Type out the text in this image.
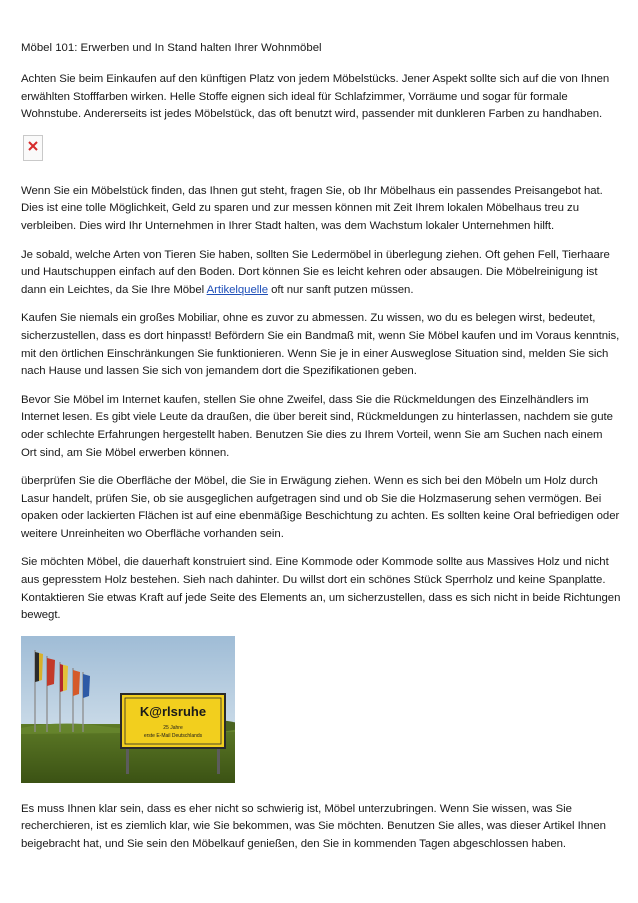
Möbel 101: Erwerben und In Stand halten Ihrer Wohnmöbel

Achten Sie beim Einkaufen auf den künftigen Platz von jedem Möbelstücks. Jener Aspekt sollte sich auf die von Ihnen erwählten Stofffarben wirken. Helle Stoffe eignen sich ideal für Schlafzimmer, Vorräume und sogar für formale Wohnstube. Andererseits ist jedes Möbelstück, das oft benutzt wird, passender mit dunkleren Farben zu handhaben.

Wenn Sie ein Möbelstück finden, das Ihnen gut steht, fragen Sie, ob Ihr Möbelhaus ein passendes Preisangebot hat. Dies ist eine tolle Möglichkeit, Geld zu sparen und zur messen können mit Zeit Ihrem lokalen Möbelhaus treu zu verbleiben. Dies wird Ihr Unternehmen in Ihrer Stadt halten, was dem Wachstum lokaler Unternehmen hilft.

Je sobald, welche Arten von Tieren Sie haben, sollten Sie Ledermöbel in überlegung ziehen. Oft gehen Fell, Tierhaare und Hautschuppen einfach auf den Boden. Dort können Sie es leicht kehren oder absaugen. Die Möbelreinigung ist dann ein Leichtes, da Sie Ihre Möbel Artikelquelle oft nur sanft putzen müssen.

Kaufen Sie niemals ein großes Mobiliar, ohne es zuvor zu abmessen. Zu wissen, wo du es belegen wirst, bedeutet, sicherzustellen, dass es dort hinpasst! Befördern Sie ein Bandmaß mit, wenn Sie Möbel kaufen und im Voraus kenntnis, mit den örtlichen Einschränkungen Sie funktionieren. Wenn Sie je in einer Ausweglose Situation sind, melden Sie sich nach Hause und lassen Sie sich von jemandem dort die Spezifikationen geben.

Bevor Sie Möbel im Internet kaufen, stellen Sie ohne Zweifel, dass Sie die Rückmeldungen des Einzelhändlers im Internet lesen. Es gibt viele Leute da draußen, die über bereit sind, Rückmeldungen zu hinterlassen, nachdem sie gute oder schlechte Erfahrungen hergestellt haben. Benutzen Sie dies zu Ihrem Vorteil, wenn Sie am Suchen nach einem Ort sind, am Sie Möbel erwerben können.

überprüfen Sie die Oberfläche der Möbel, die Sie in Erwägung ziehen. Wenn es sich bei den Möbeln um Holz durch Lasur handelt, prüfen Sie, ob sie ausgeglichen aufgetragen sind und ob Sie die Holzmaserung sehen vermögen. Bei opaken oder lackierten Flächen ist auf eine ebenmäßige Beschichtung zu achten. Es sollten keine Oral befriedigen oder weitere Unreinheiten wo Oberfläche vorhanden sein.

Sie möchten Möbel, die dauerhaft konstruiert sind. Eine Kommode oder Kommode sollte aus Massives Holz und nicht aus gepresstem Holz bestehen. Sieh nach dahinter. Du willst dort ein schönes Stück Sperrholz und keine Spanplatte. Kontaktieren Sie etwas Kraft auf jede Seite des Elements an, um sicherzustellen, dass es sich nicht in beide Richtungen bewegt.

K@rlsruhe
25 Jahre
erste E-Mail Deutschlands

Es muss Ihnen klar sein, dass es eher nicht so schwierig ist, Möbel unterzubringen. Wenn Sie wissen, was Sie recherchieren, ist es ziemlich klar, wie Sie bekommen, was Sie möchten. Benutzen Sie alles, was dieser Artikel Ihnen beigebracht hat, und Sie sein den Möbelkauf genießen, den Sie in kommenden Tagen abgeschlossen haben.
